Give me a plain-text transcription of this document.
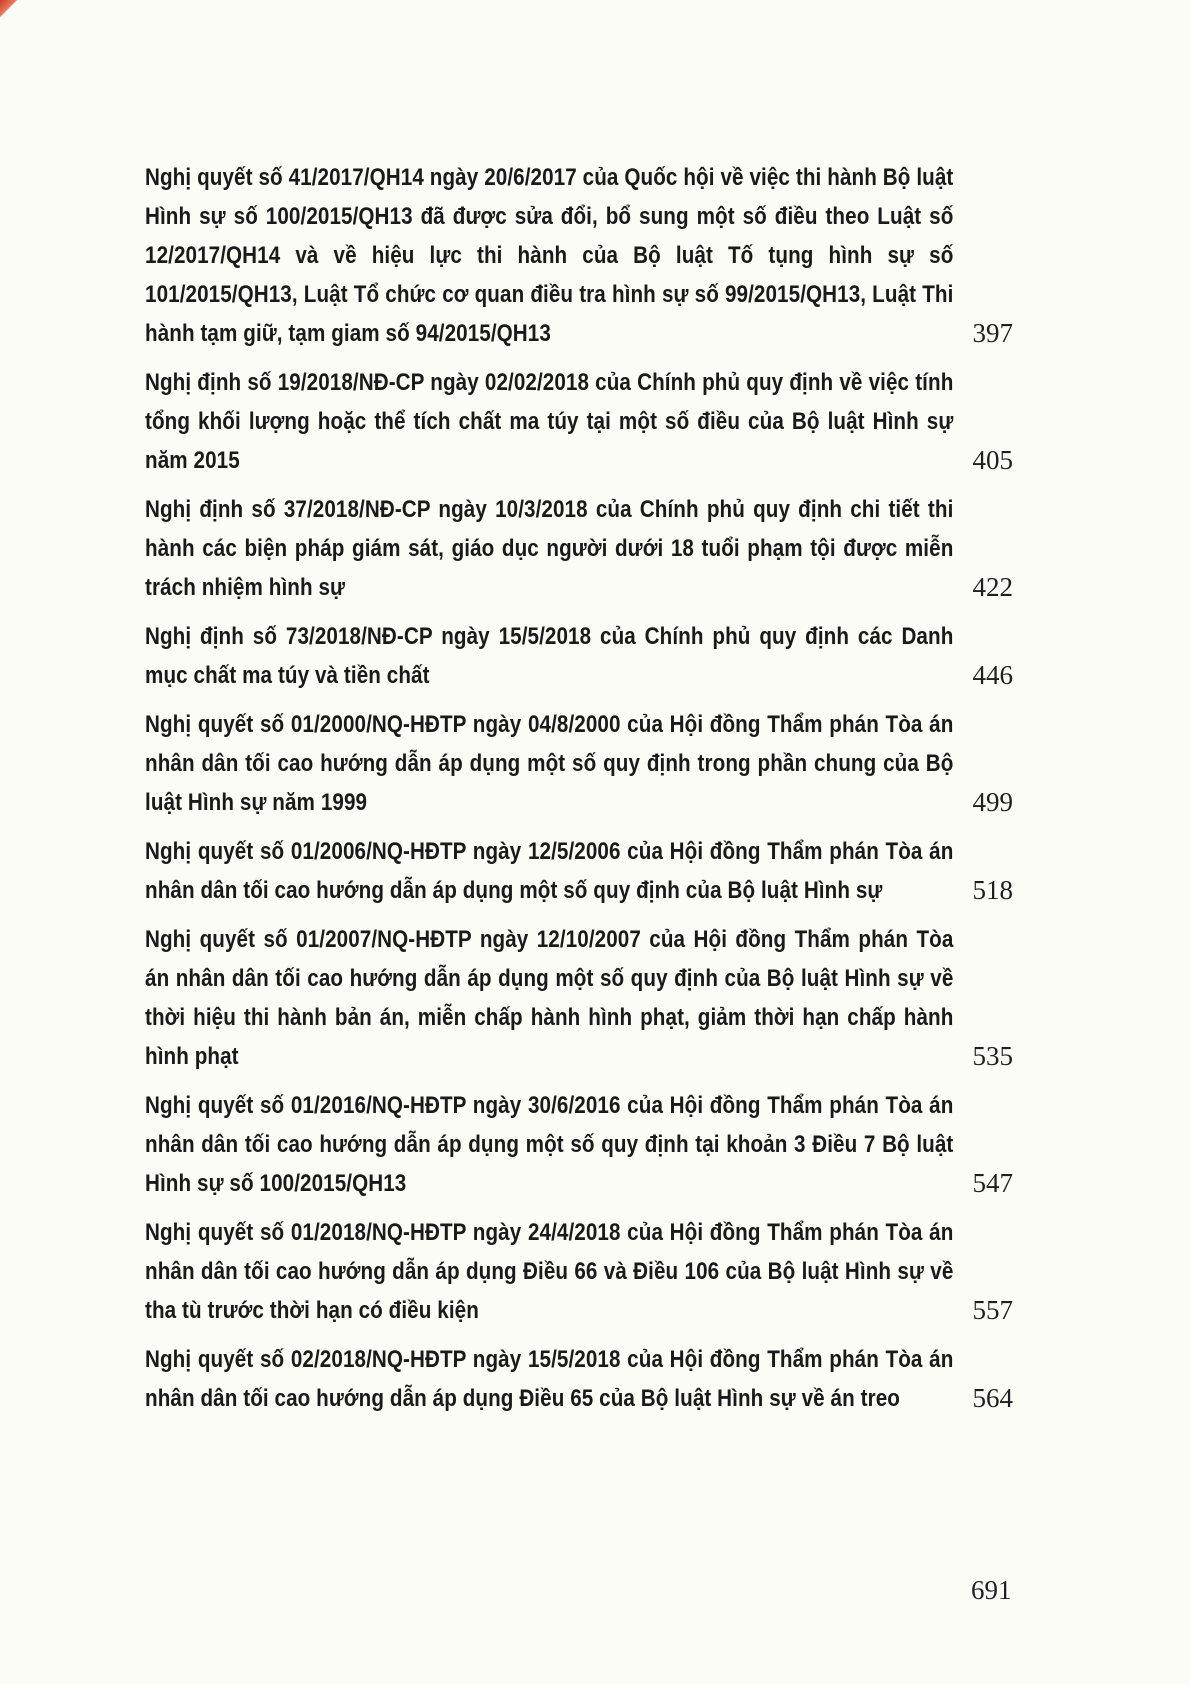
Nghị quyết số 41/2017/QH14 ngày 20/6/2017 của Quốc hội về việc thi hành Bộ luật Hình sự số 100/2015/QH13 đã được sửa đổi, bổ sung một số điều theo Luật số 12/2017/QH14 và về hiệu lực thi hành của Bộ luật Tố tụng hình sự số 101/2015/QH13, Luật Tổ chức cơ quan điều tra hình sự số 99/2015/QH13, Luật Thi hành tạm giữ, tạm giam số 94/2015/QH13	397
Nghị định số 19/2018/NĐ-CP ngày 02/02/2018 của Chính phủ quy định về việc tính tổng khối lượng hoặc thể tích chất ma túy tại một số điều của Bộ luật Hình sự năm 2015	405
Nghị định số 37/2018/NĐ-CP ngày 10/3/2018 của Chính phủ quy định chi tiết thi hành các biện pháp giám sát, giáo dục người dưới 18 tuổi phạm tội được miễn trách nhiệm hình sự	422
Nghị định số 73/2018/NĐ-CP ngày 15/5/2018 của Chính phủ quy định các Danh mục chất ma túy và tiền chất	446
Nghị quyết số 01/2000/NQ-HĐTP ngày 04/8/2000 của Hội đồng Thẩm phán Tòa án nhân dân tối cao hướng dẫn áp dụng một số quy định trong phần chung của Bộ luật Hình sự năm 1999	499
Nghị quyết số 01/2006/NQ-HĐTP ngày 12/5/2006 của Hội đồng Thẩm phán Tòa án nhân dân tối cao hướng dẫn áp dụng một số quy định của Bộ luật Hình sự	518
Nghị quyết số 01/2007/NQ-HĐTP ngày 12/10/2007 của Hội đồng Thẩm phán Tòa án nhân dân tối cao hướng dẫn áp dụng một số quy định của Bộ luật Hình sự về thời hiệu thi hành bản án, miễn chấp hành hình phạt, giảm thời hạn chấp hành hình phạt	535
Nghị quyết số 01/2016/NQ-HĐTP ngày 30/6/2016 của Hội đồng Thẩm phán Tòa án nhân dân tối cao hướng dẫn áp dụng một số quy định tại khoản 3 Điều 7 Bộ luật Hình sự số 100/2015/QH13	547
Nghị quyết số 01/2018/NQ-HĐTP ngày 24/4/2018 của Hội đồng Thẩm phán Tòa án nhân dân tối cao hướng dẫn áp dụng Điều 66 và Điều 106 của Bộ luật Hình sự về tha tù trước thời hạn có điều kiện	557
Nghị quyết số 02/2018/NQ-HĐTP ngày 15/5/2018 của Hội đồng Thẩm phán Tòa án nhân dân tối cao hướng dẫn áp dụng Điều 65 của Bộ luật Hình sự về án treo	564
691
